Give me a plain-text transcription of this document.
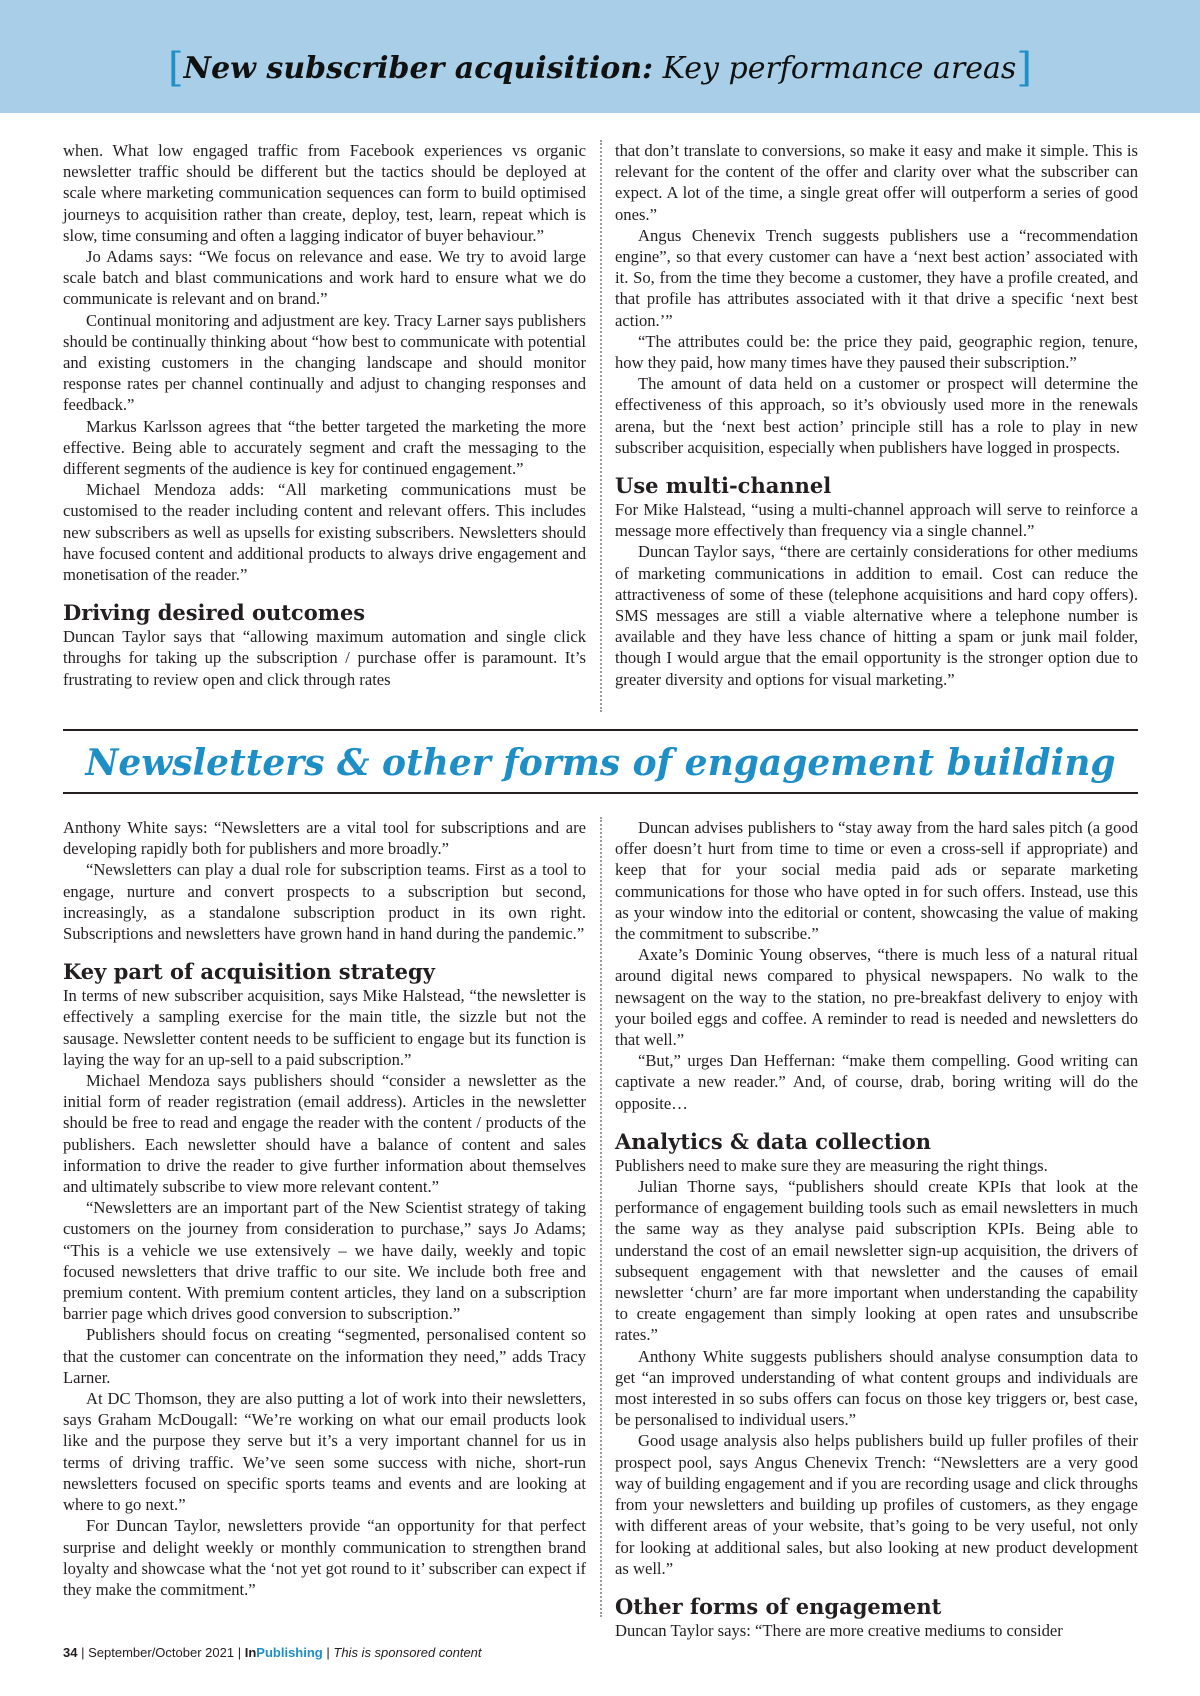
[New subscriber acquisition: Key performance areas]

when. What low engaged traffic from Facebook experiences vs organic newsletter traffic should be different but the tactics should be deployed at scale where marketing communication sequences can form to build optimised journeys to acquisition rather than create, deploy, test, learn, repeat which is slow, time consuming and often a lagging indicator of buyer behaviour.”

Jo Adams says: “We focus on relevance and ease. We try to avoid large scale batch and blast communications and work hard to ensure what we do communicate is relevant and on brand.”

Continual monitoring and adjustment are key. Tracy Larner says publishers should be continually thinking about “how best to communicate with potential and existing customers in the changing landscape and should monitor response rates per channel continually and adjust to changing responses and feedback.”

Markus Karlsson agrees that “the better targeted the marketing the more effective. Being able to accurately segment and craft the messaging to the different segments of the audience is key for continued engagement.”

Michael Mendoza adds: “All marketing communications must be customised to the reader including content and relevant offers. This includes new subscribers as well as upsells for existing subscribers. Newsletters should have focused content and additional products to always drive engagement and monetisation of the reader.”

Driving desired outcomes

Duncan Taylor says that “allowing maximum automation and single click throughs for taking up the subscription / purchase offer is paramount. It’s frustrating to review open and click through rates

that don’t translate to conversions, so make it easy and make it simple. This is relevant for the content of the offer and clarity over what the subscriber can expect. A lot of the time, a single great offer will outperform a series of good ones.”

Angus Chenevix Trench suggests publishers use a “recommendation engine”, so that every customer can have a ‘next best action’ associated with it. So, from the time they become a customer, they have a profile created, and that profile has attributes associated with it that drive a specific ‘next best action.’”

“The attributes could be: the price they paid, geographic region, tenure, how they paid, how many times have they paused their subscription.”

The amount of data held on a customer or prospect will determine the effectiveness of this approach, so it’s obviously used more in the renewals arena, but the ‘next best action’ principle still has a role to play in new subscriber acquisition, especially when publishers have logged in prospects.

Use multi-channel

For Mike Halstead, “using a multi-channel approach will serve to reinforce a message more effectively than frequency via a single channel.”

Duncan Taylor says, “there are certainly considerations for other mediums of marketing communications in addition to email. Cost can reduce the attractiveness of some of these (telephone acquisitions and hard copy offers). SMS messages are still a viable alternative where a telephone number is available and they have less chance of hitting a spam or junk mail folder, though I would argue that the email opportunity is the stronger option due to greater diversity and options for visual marketing.”

Newsletters & other forms of engagement building

Anthony White says: “Newsletters are a vital tool for subscriptions and are developing rapidly both for publishers and more broadly.”

“Newsletters can play a dual role for subscription teams. First as a tool to engage, nurture and convert prospects to a subscription but second, increasingly, as a standalone subscription product in its own right. Subscriptions and newsletters have grown hand in hand during the pandemic.”

Key part of acquisition strategy

In terms of new subscriber acquisition, says Mike Halstead, “the newsletter is effectively a sampling exercise for the main title, the sizzle but not the sausage. Newsletter content needs to be sufficient to engage but its function is laying the way for an up-sell to a paid subscription.”

Michael Mendoza says publishers should “consider a newsletter as the initial form of reader registration (email address). Articles in the newsletter should be free to read and engage the reader with the content / products of the publishers. Each newsletter should have a balance of content and sales information to drive the reader to give further information about themselves and ultimately subscribe to view more relevant content.”

“Newsletters are an important part of the New Scientist strategy of taking customers on the journey from consideration to purchase,” says Jo Adams; “This is a vehicle we use extensively – we have daily, weekly and topic focused newsletters that drive traffic to our site. We include both free and premium content. With premium content articles, they land on a subscription barrier page which drives good conversion to subscription.”

Publishers should focus on creating “segmented, personalised content so that the customer can concentrate on the information they need,” adds Tracy Larner.

At DC Thomson, they are also putting a lot of work into their newsletters, says Graham McDougall: “We’re working on what our email products look like and the purpose they serve but it’s a very important channel for us in terms of driving traffic. We’ve seen some success with niche, short-run newsletters focused on specific sports teams and events and are looking at where to go next.”

For Duncan Taylor, newsletters provide “an opportunity for that perfect surprise and delight weekly or monthly communication to strengthen brand loyalty and showcase what the ‘not yet got round to it’ subscriber can expect if they make the commitment.”

Duncan advises publishers to “stay away from the hard sales pitch (a good offer doesn’t hurt from time to time or even a cross-sell if appropriate) and keep that for your social media paid ads or separate marketing communications for those who have opted in for such offers. Instead, use this as your window into the editorial or content, showcasing the value of making the commitment to subscribe.”

Axate’s Dominic Young observes, “there is much less of a natural ritual around digital news compared to physical newspapers. No walk to the newsagent on the way to the station, no pre-breakfast delivery to enjoy with your boiled eggs and coffee. A reminder to read is needed and newsletters do that well.”

“But,” urges Dan Heffernan: “make them compelling. Good writing can captivate a new reader.” And, of course, drab, boring writing will do the opposite…

Analytics & data collection

Publishers need to make sure they are measuring the right things.

Julian Thorne says, “publishers should create KPIs that look at the performance of engagement building tools such as email newsletters in much the same way as they analyse paid subscription KPIs. Being able to understand the cost of an email newsletter sign-up acquisition, the drivers of subsequent engagement with that newsletter and the causes of email newsletter ‘churn’ are far more important when understanding the capability to create engagement than simply looking at open rates and unsubscribe rates.”

Anthony White suggests publishers should analyse consumption data to get “an improved understanding of what content groups and individuals are most interested in so subs offers can focus on those key triggers or, best case, be personalised to individual users.”

Good usage analysis also helps publishers build up fuller profiles of their prospect pool, says Angus Chenevix Trench: “Newsletters are a very good way of building engagement and if you are recording usage and click throughs from your newsletters and building up profiles of customers, as they engage with different areas of your website, that’s going to be very useful, not only for looking at additional sales, but also looking at new product development as well.”

Other forms of engagement

Duncan Taylor says: “There are more creative mediums to consider

34 | September/October 2021 | InPublishing | This is sponsored content
